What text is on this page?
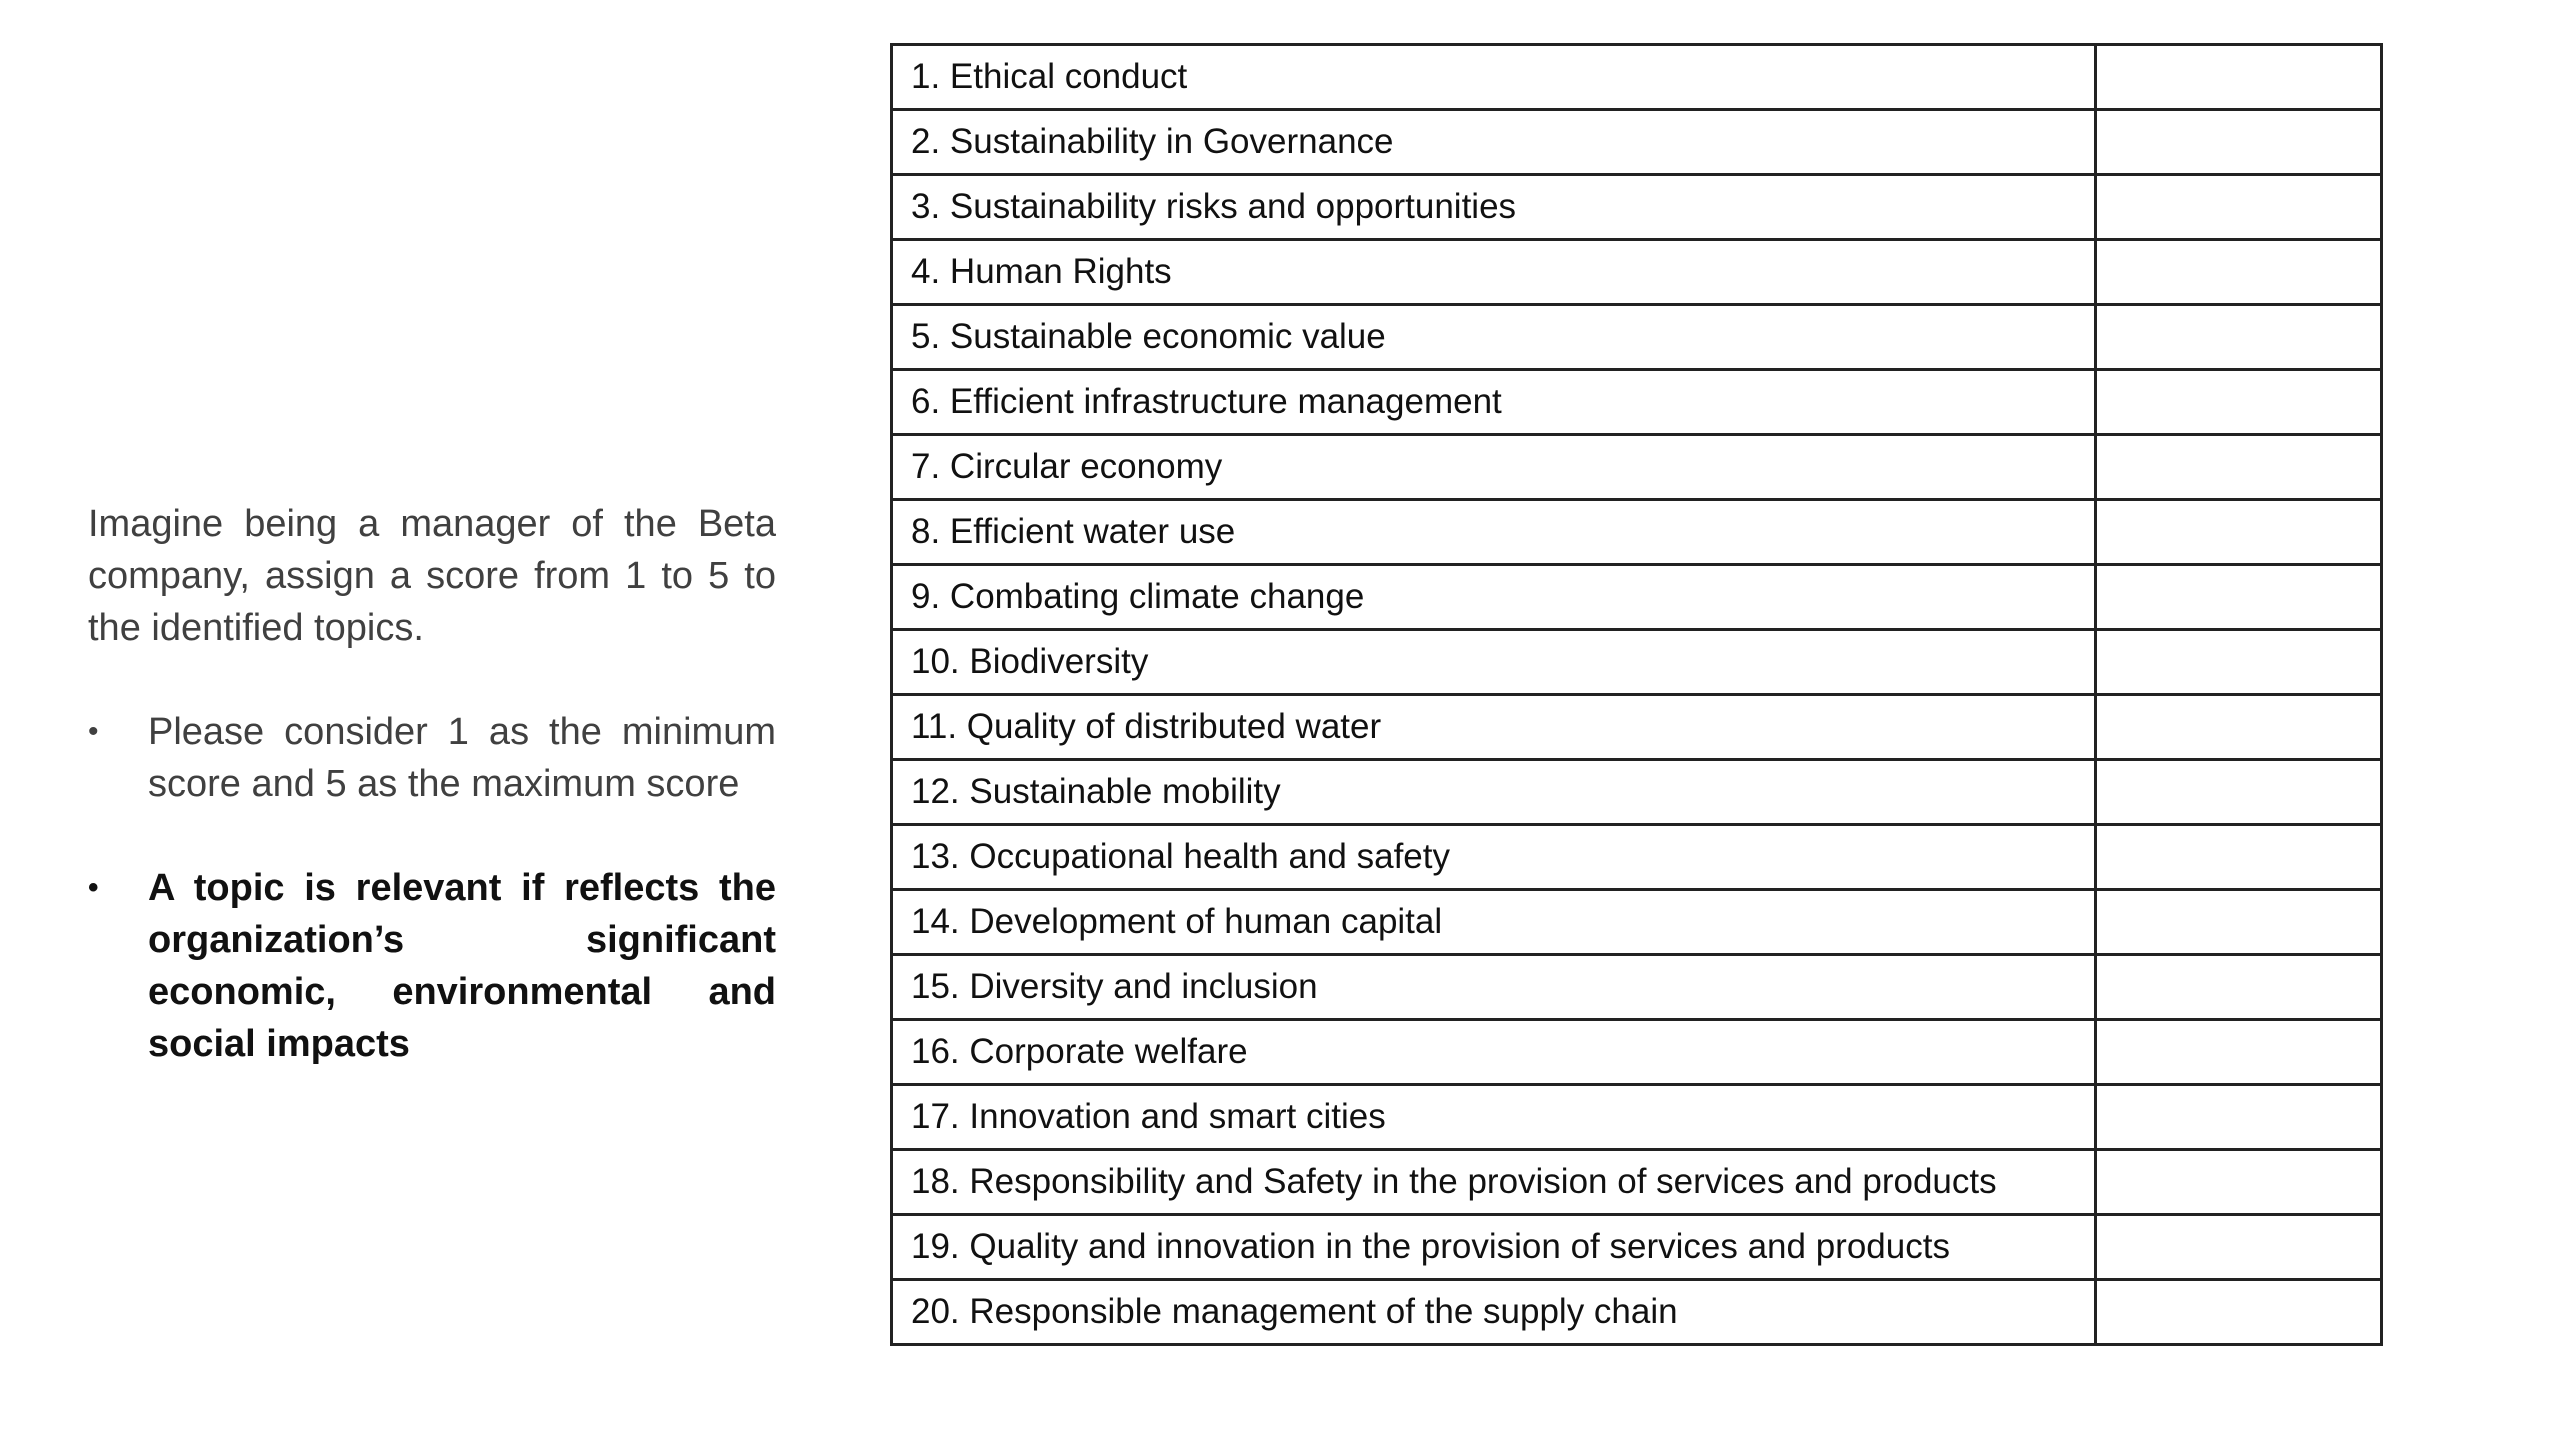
Imagine being a manager of the Beta company, assign a score from 1 to 5 to the identified topics.

• Please consider 1 as the minimum score and 5 as the maximum score
• A topic is relevant if reflects the organization’s significant economic, environmental and social impacts
1. Ethical conduct	
2. Sustainability in Governance	
3. Sustainability risks and opportunities	
4. Human Rights	
5. Sustainable economic value	
6. Efficient infrastructure management	
7. Circular economy	
8. Efficient water use	
9. Combating climate change	
10. Biodiversity	
11. Quality of distributed water	
12. Sustainable mobility	
13. Occupational health and safety	
14. Development of human capital	
15. Diversity and inclusion	
16. Corporate welfare	
17. Innovation and smart cities	
18. Responsibility and Safety in the provision of services and products	
19. Quality and innovation in the provision of services and products	
20. Responsible management of the supply chain	
